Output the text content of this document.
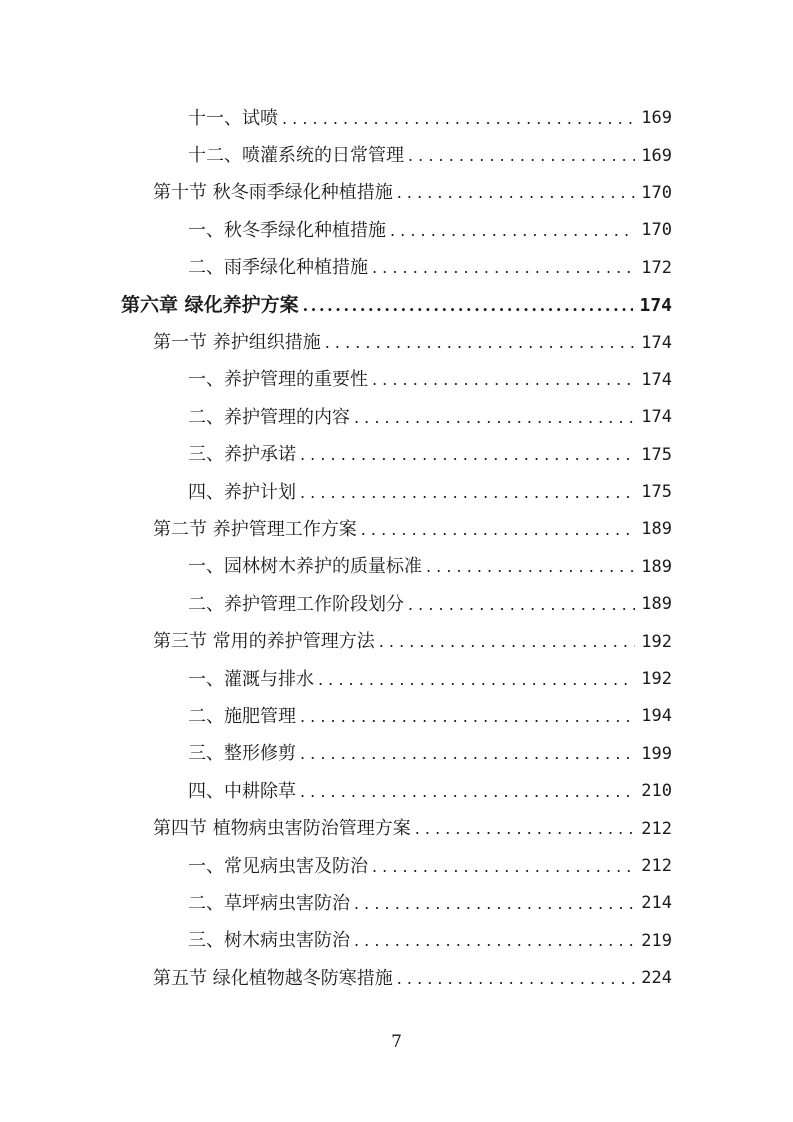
十一、试喷 . . .	169
十二、喷灌系统的日常管理 . . .	169
第十节 秋冬雨季绿化种植措施 . . .	170
一、秋冬季绿化种植措施 . . .	170
二、雨季绿化种植措施 . . .	172
第六章 绿化养护方案 .....	174
第一节 养护组织措施 . . .	174
一、养护管理的重要性 . . .	174
二、养护管理的内容 . . .	174
三、养护承诺 . . .	175
四、养护计划 . . .	175
第二节 养护管理工作方案 . . .	189
一、园林树木养护的质量标准 . . .	189
二、养护管理工作阶段划分 . . .	189
第三节 常用的养护管理方法 . . .	192
一、灌溉与排水 . . .	192
二、施肥管理 . . .	194
三、整形修剪 . . .	199
四、中耕除草 . . .	210
第四节 植物病虫害防治管理方案 . . .	212
一、常见病虫害及防治 . . .	212
二、草坪病虫害防治 . . .	214
三、树木病虫害防治 . . .	219
第五节 绿化植物越冬防寒措施 . . .	224
7
